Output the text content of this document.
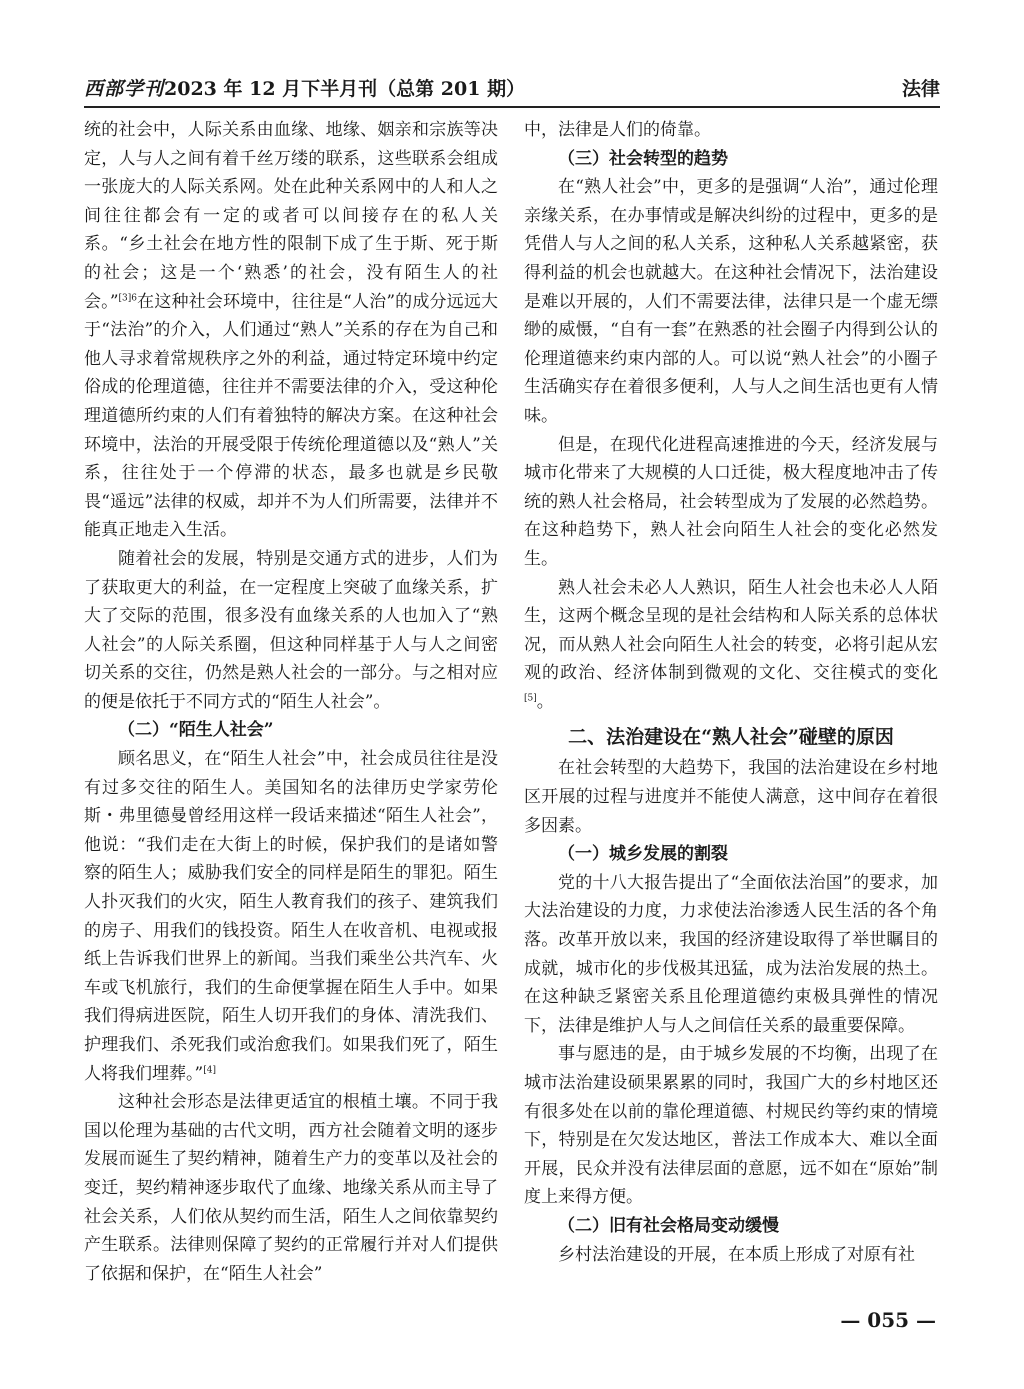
西部学刊2023 年 12 月下半月刊（总第 201 期）	法律

统的社会中，人际关系由血缘、地缘、姻亲和宗族等决定，人与人之间有着千丝万缕的联系，这些联系会组成一张庞大的人际关系网。处在此种关系网中的人和人之间往往都会有一定的或者可以间接存在的私人关系。“乡土社会在地方性的限制下成了生于斯、死于斯的社会；这是一个‘熟悉’的社会，没有陌生人的社会。”$^{[3]6}$在这种社会环境中，往往是“人治”的成分远远大于“法治”的介入，人们通过“熟人”关系的存在为自己和他人寻求着常规秩序之外的利益，通过特定环境中约定俗成的伦理道德，往往并不需要法律的介入，受这种伦理道德所约束的人们有着独特的解决方案。在这种社会环境中，法治的开展受限于传统伦理道德以及“熟人”关系，往往处于一个停滞的状态，最多也就是乡民敬畏“遥远”法律的权威，却并不为人们所需要，法律并不能真正地走入生活。

随着社会的发展，特别是交通方式的进步，人们为了获取更大的利益，在一定程度上突破了血缘关系，扩大了交际的范围，很多没有血缘关系的人也加入了“熟人社会”的人际关系圈，但这种同样基于人与人之间密切关系的交往，仍然是熟人社会的一部分。与之相对应的便是依托于不同方式的“陌生人社会”。

（二）“陌生人社会”

顾名思义，在“陌生人社会”中，社会成员往往是没有过多交往的陌生人。美国知名的法律历史学家劳伦斯・弗里德曼曾经用这样一段话来描述“陌生人社会”，他说：“我们走在大街上的时候，保护我们的是诸如警察的陌生人；威胁我们安全的同样是陌生的罪犯。陌生人扑灭我们的火灾，陌生人教育我们的孩子、建筑我们的房子、用我们的钱投资。陌生人在收音机、电视或报纸上告诉我们世界上的新闻。当我们乘坐公共汽车、火车或飞机旅行，我们的生命便掌握在陌生人手中。如果我们得病进医院，陌生人切开我们的身体、清洗我们、护理我们、杀死我们或治愈我们。如果我们死了，陌生人将我们埋葬。”[4]

这种社会形态是法律更适宜的根植土壤。不同于我国以伦理为基础的古代文明，西方社会随着文明的逐步发展而诞生了契约精神，随着生产力的变革以及社会的变迁，契约精神逐步取代了血缘、地缘关系从而主导了社会关系，人们依从契约而生活，陌生人之间依靠契约产生联系。法律则保障了契约的正常履行并对人们提供了依据和保护，在“陌生人社会”

中，法律是人们的倚靠。

（三）社会转型的趋势

在“熟人社会”中，更多的是强调“人治”，通过伦理亲缘关系，在办事情或是解决纠纷的过程中，更多的是凭借人与人之间的私人关系，这种私人关系越紧密，获得利益的机会也就越大。在这种社会情况下，法治建设是难以开展的，人们不需要法律，法律只是一个虚无缥缈的威慑，“自有一套”在熟悉的社会圈子内得到公认的伦理道德来约束内部的人。可以说“熟人社会”的小圈子生活确实存在着很多便利，人与人之间生活也更有人情味。

但是，在现代化进程高速推进的今天，经济发展与城市化带来了大规模的人口迁徙，极大程度地冲击了传统的熟人社会格局，社会转型成为了发展的必然趋势。在这种趋势下，熟人社会向陌生人社会的变化必然发生。

熟人社会未必人人熟识，陌生人社会也未必人人陌生，这两个概念呈现的是社会结构和人际关系的总体状况，而从熟人社会向陌生人社会的转变，必将引起从宏观的政治、经济体制到微观的文化、交往模式的变化[5]。

二、法治建设在“熟人社会”碰壁的原因

在社会转型的大趋势下，我国的法治建设在乡村地区开展的过程与进度并不能使人满意，这中间存在着很多因素。

（一）城乡发展的割裂

党的十八大报告提出了“全面依法治国”的要求，加大法治建设的力度，力求使法治渗透人民生活的各个角落。改革开放以来，我国的经济建设取得了举世瞩目的成就，城市化的步伐极其迅猛，成为法治发展的热土。在这种缺乏紧密关系且伦理道德约束极具弹性的情况下，法律是维护人与人之间信任关系的最重要保障。

事与愿违的是，由于城乡发展的不均衡，出现了在城市法治建设硕果累累的同时，我国广大的乡村地区还有很多处在以前的靠伦理道德、村规民约等约束的情境下，特别是在欠发达地区，普法工作成本大、难以全面开展，民众并没有法律层面的意愿，远不如在“原始”制度上来得方便。

（二）旧有社会格局变动缓慢

乡村法治建设的开展，在本质上形成了对原有社

— 055 —
